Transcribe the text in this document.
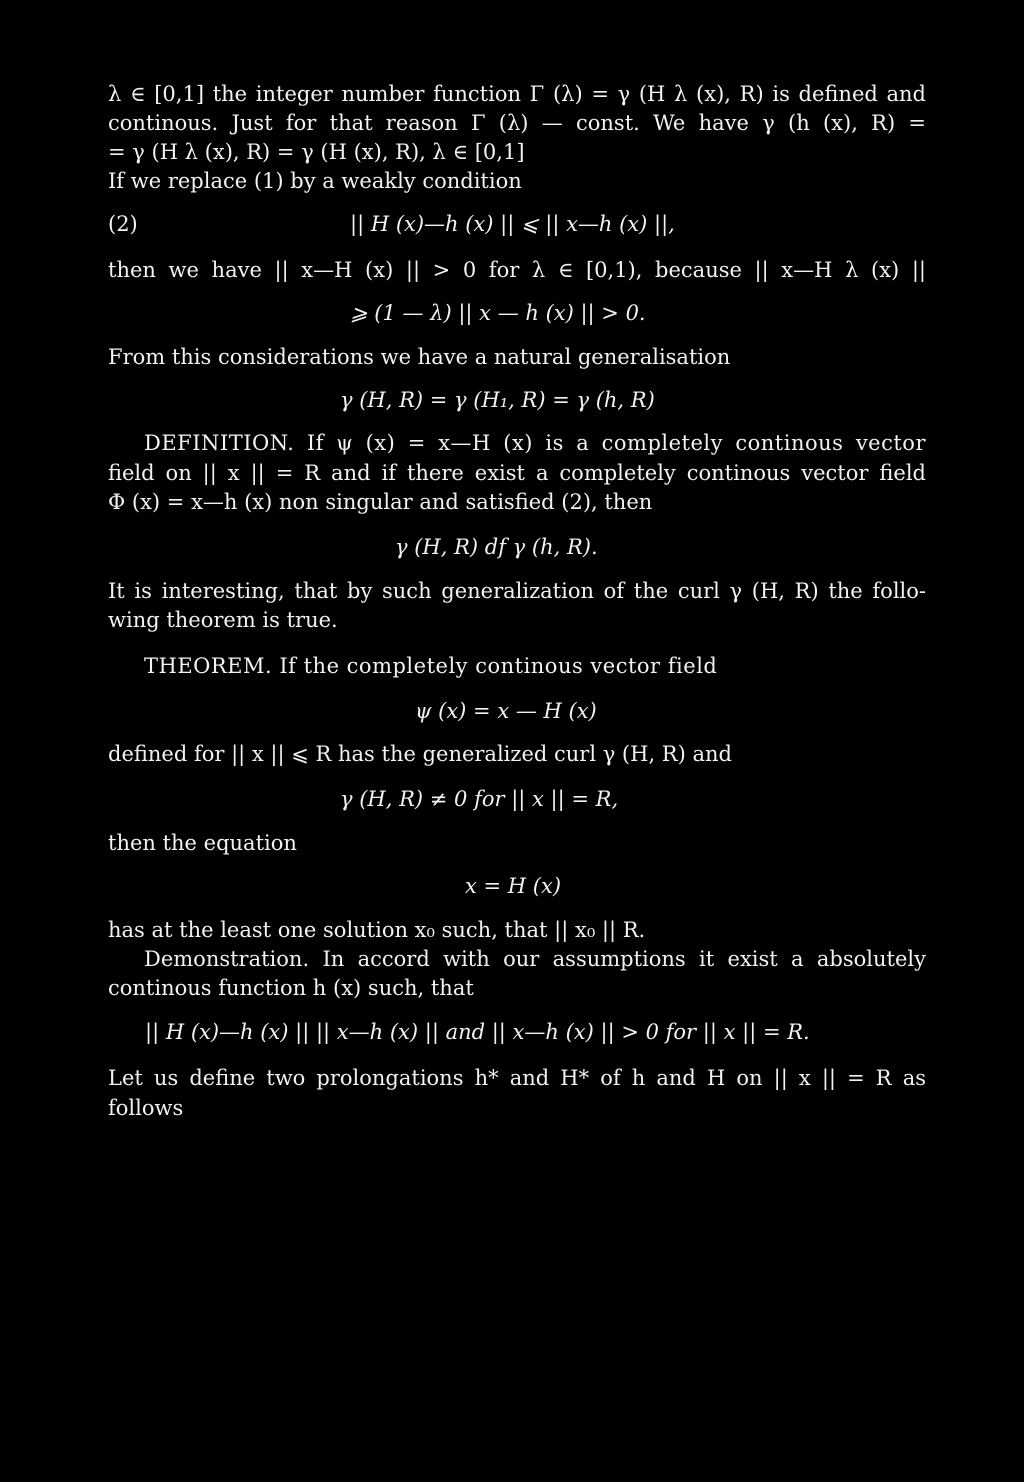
λ ∈ [0,1] the integer number function Γ (λ) = γ (H λ (x), R) is defined and
continous. Just for that reason Γ (λ) — const. We have γ (h (x), R) =
= γ (H λ (x), R) = γ (H (x), R), λ ∈ [0,1]
If we replace (1) by a weakly condition
(2)	|| H (x)—h (x) || ⩽ || x—h (x) ||,
then we have || x—H (x) || > 0 for λ ∈ [0,1), because || x—H λ (x) ||
⩾ (1 — λ) || x — h (x) || > 0.
From this considerations we have a natural generalisation
γ (H, R) = γ (H₁, R) = γ (h, R)
DEFINITION. If ψ (x) = x—H (x) is a completely continous vector
field on || x || = R and if there exist a completely continous vector field
Φ (x) = x—h (x) non singular and satisfied (2), then
γ (H, R) df γ (h, R).
It is interesting, that by such generalization of the curl γ (H, R) the follo-
wing theorem is true.
THEOREM. If the completely continous vector field
ψ (x) = x — H (x)
defined for || x || ⩽ R has the generalized curl γ (H, R) and
γ (H, R) ≠ 0 for || x || = R,
then the equation
x = H (x)
has at the least one solution x₀ such, that || x₀ || R.
Demonstration. In accord with our assumptions it exist a absolutely
continous function h (x) such, that
|| H (x)—h (x) || || x—h (x) || and || x—h (x) || > 0 for || x || = R.
Let us define two prolongations h* and H* of h and H on || x || = R as
follows
